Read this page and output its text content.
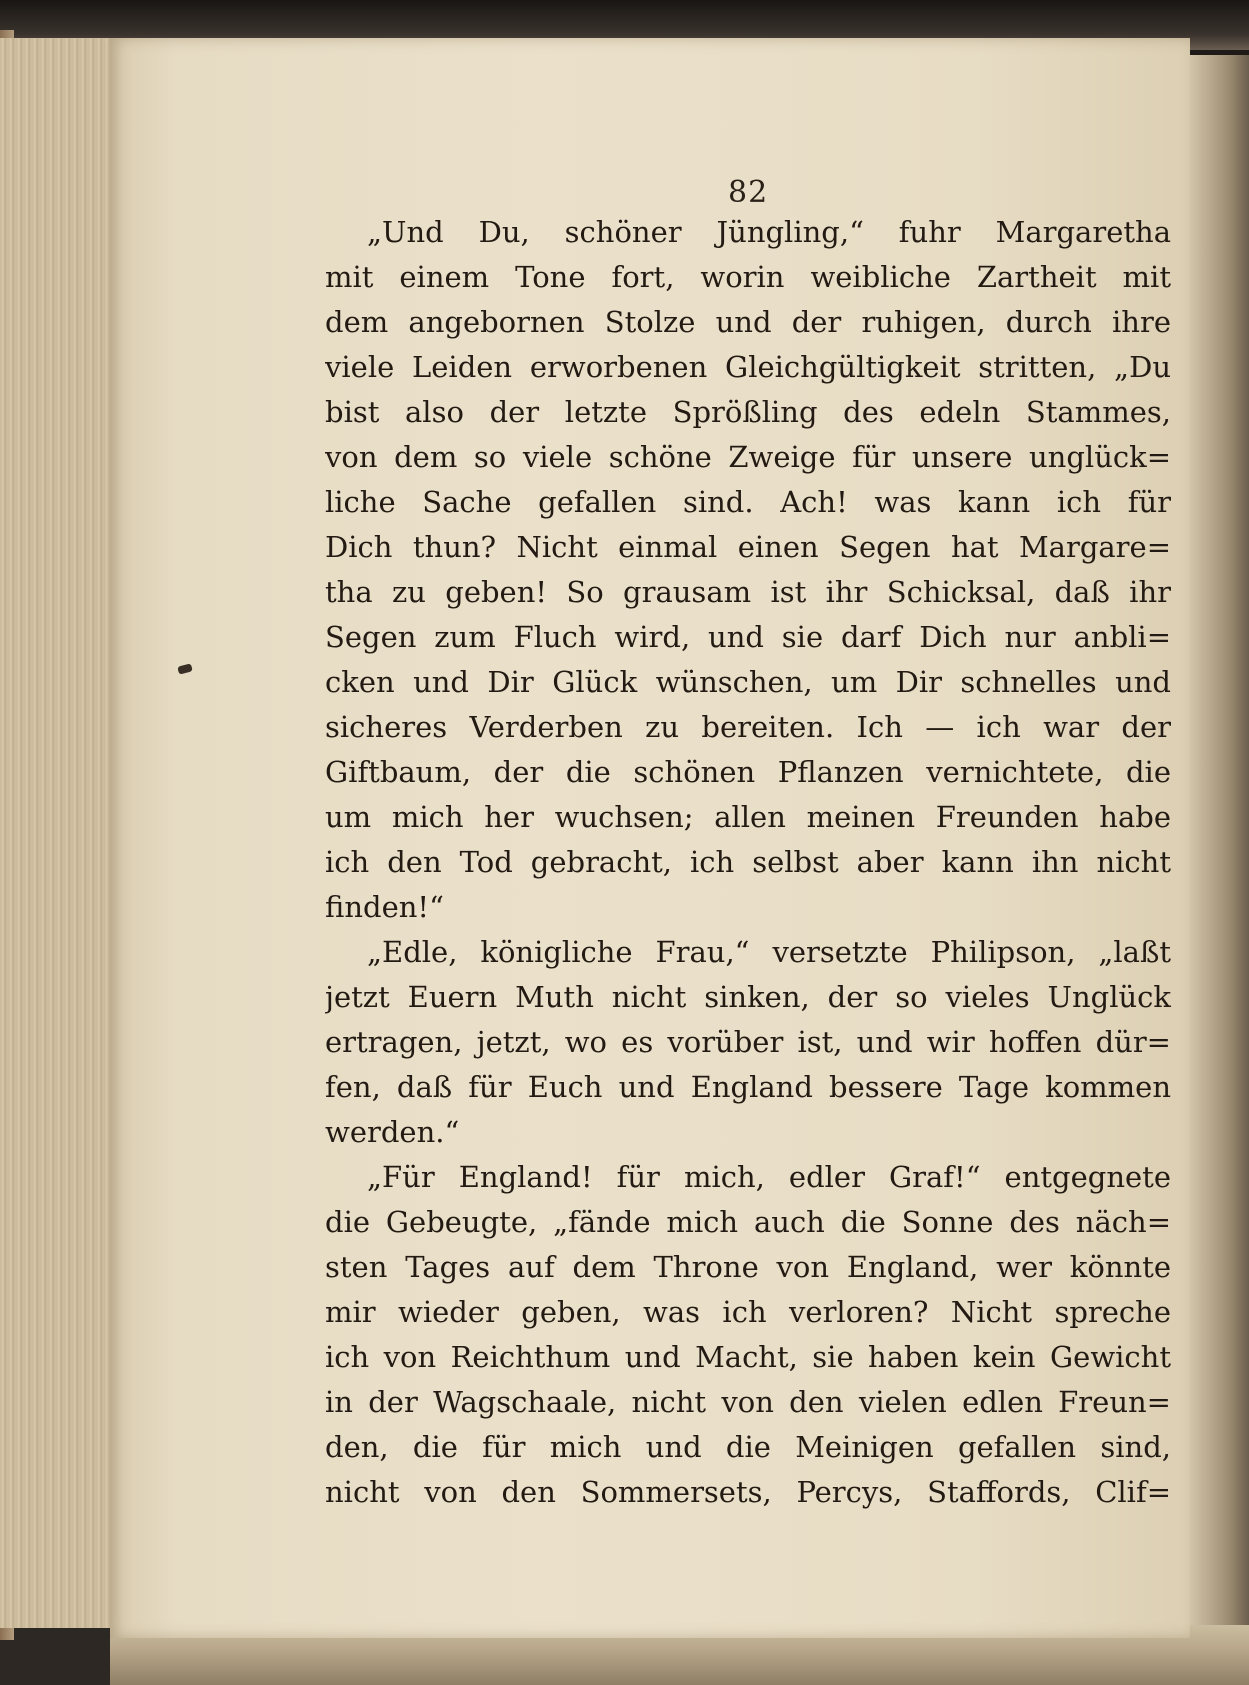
82
„Und Du, schöner Jüngling,“ fuhr Margaretha
mit einem Tone fort, worin weibliche Zartheit mit
dem angebornen Stolze und der ruhigen, durch ihre
viele Leiden erworbenen Gleichgültigkeit stritten, „Du
bist also der letzte Sprößling des edeln Stammes,
von dem so viele schöne Zweige für unsere unglück=
liche Sache gefallen sind. Ach! was kann ich für
Dich thun? Nicht einmal einen Segen hat Margare=
tha zu geben! So grausam ist ihr Schicksal, daß ihr
Segen zum Fluch wird, und sie darf Dich nur anbli=
cken und Dir Glück wünschen, um Dir schnelles und
sicheres Verderben zu bereiten. Ich — ich war der
Giftbaum, der die schönen Pflanzen vernichtete, die
um mich her wuchsen; allen meinen Freunden habe
ich den Tod gebracht, ich selbst aber kann ihn nicht
finden!“
„Edle, königliche Frau,“ versetzte Philipson, „laßt
jetzt Euern Muth nicht sinken, der so vieles Unglück
ertragen, jetzt, wo es vorüber ist, und wir hoffen dür=
fen, daß für Euch und England bessere Tage kommen
werden.“
„Für England! für mich, edler Graf!“ entgegnete
die Gebeugte, „fände mich auch die Sonne des näch=
sten Tages auf dem Throne von England, wer könnte
mir wieder geben, was ich verloren? Nicht spreche
ich von Reichthum und Macht, sie haben kein Gewicht
in der Wagschaale, nicht von den vielen edlen Freun=
den, die für mich und die Meinigen gefallen sind,
nicht von den Sommersets, Percys, Staffords, Clif=
